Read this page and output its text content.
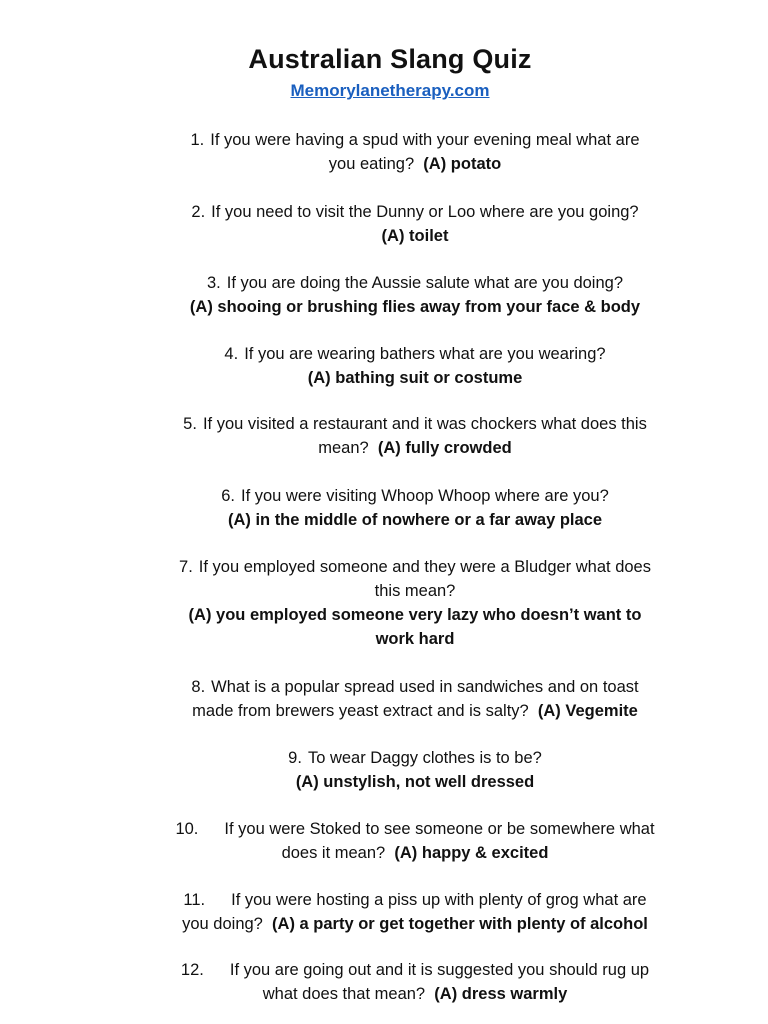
Australian Slang Quiz
Memorylanetherapy.com
1. If you were having a spud with your evening meal what are
you eating? (A) potato
2. If you need to visit the Dunny or Loo where are you going?
(A) toilet
3. If you are doing the Aussie salute what are you doing?
(A) shooing or brushing flies away from your face & body
4. If you are wearing bathers what are you wearing?
(A) bathing suit or costume
5. If you visited a restaurant and it was chockers what does this
mean? (A) fully crowded
6. If you were visiting Whoop Whoop where are you?
(A) in the middle of nowhere or a far away place
7. If you employed someone and they were a Bludger what does
this mean?
(A) you employed someone very lazy who doesn’t want to
work hard
8. What is a popular spread used in sandwiches and on toast
made from brewers yeast extract and is salty? (A) Vegemite
9. To wear Daggy clothes is to be?
(A) unstylish, not well dressed
10. If you were Stoked to see someone or be somewhere what
does it mean? (A) happy & excited
11. If you were hosting a piss up with plenty of grog what are
you doing? (A) a party or get together with plenty of alcohol
12. If you are going out and it is suggested you should rug up
what does that mean? (A) dress warmly
